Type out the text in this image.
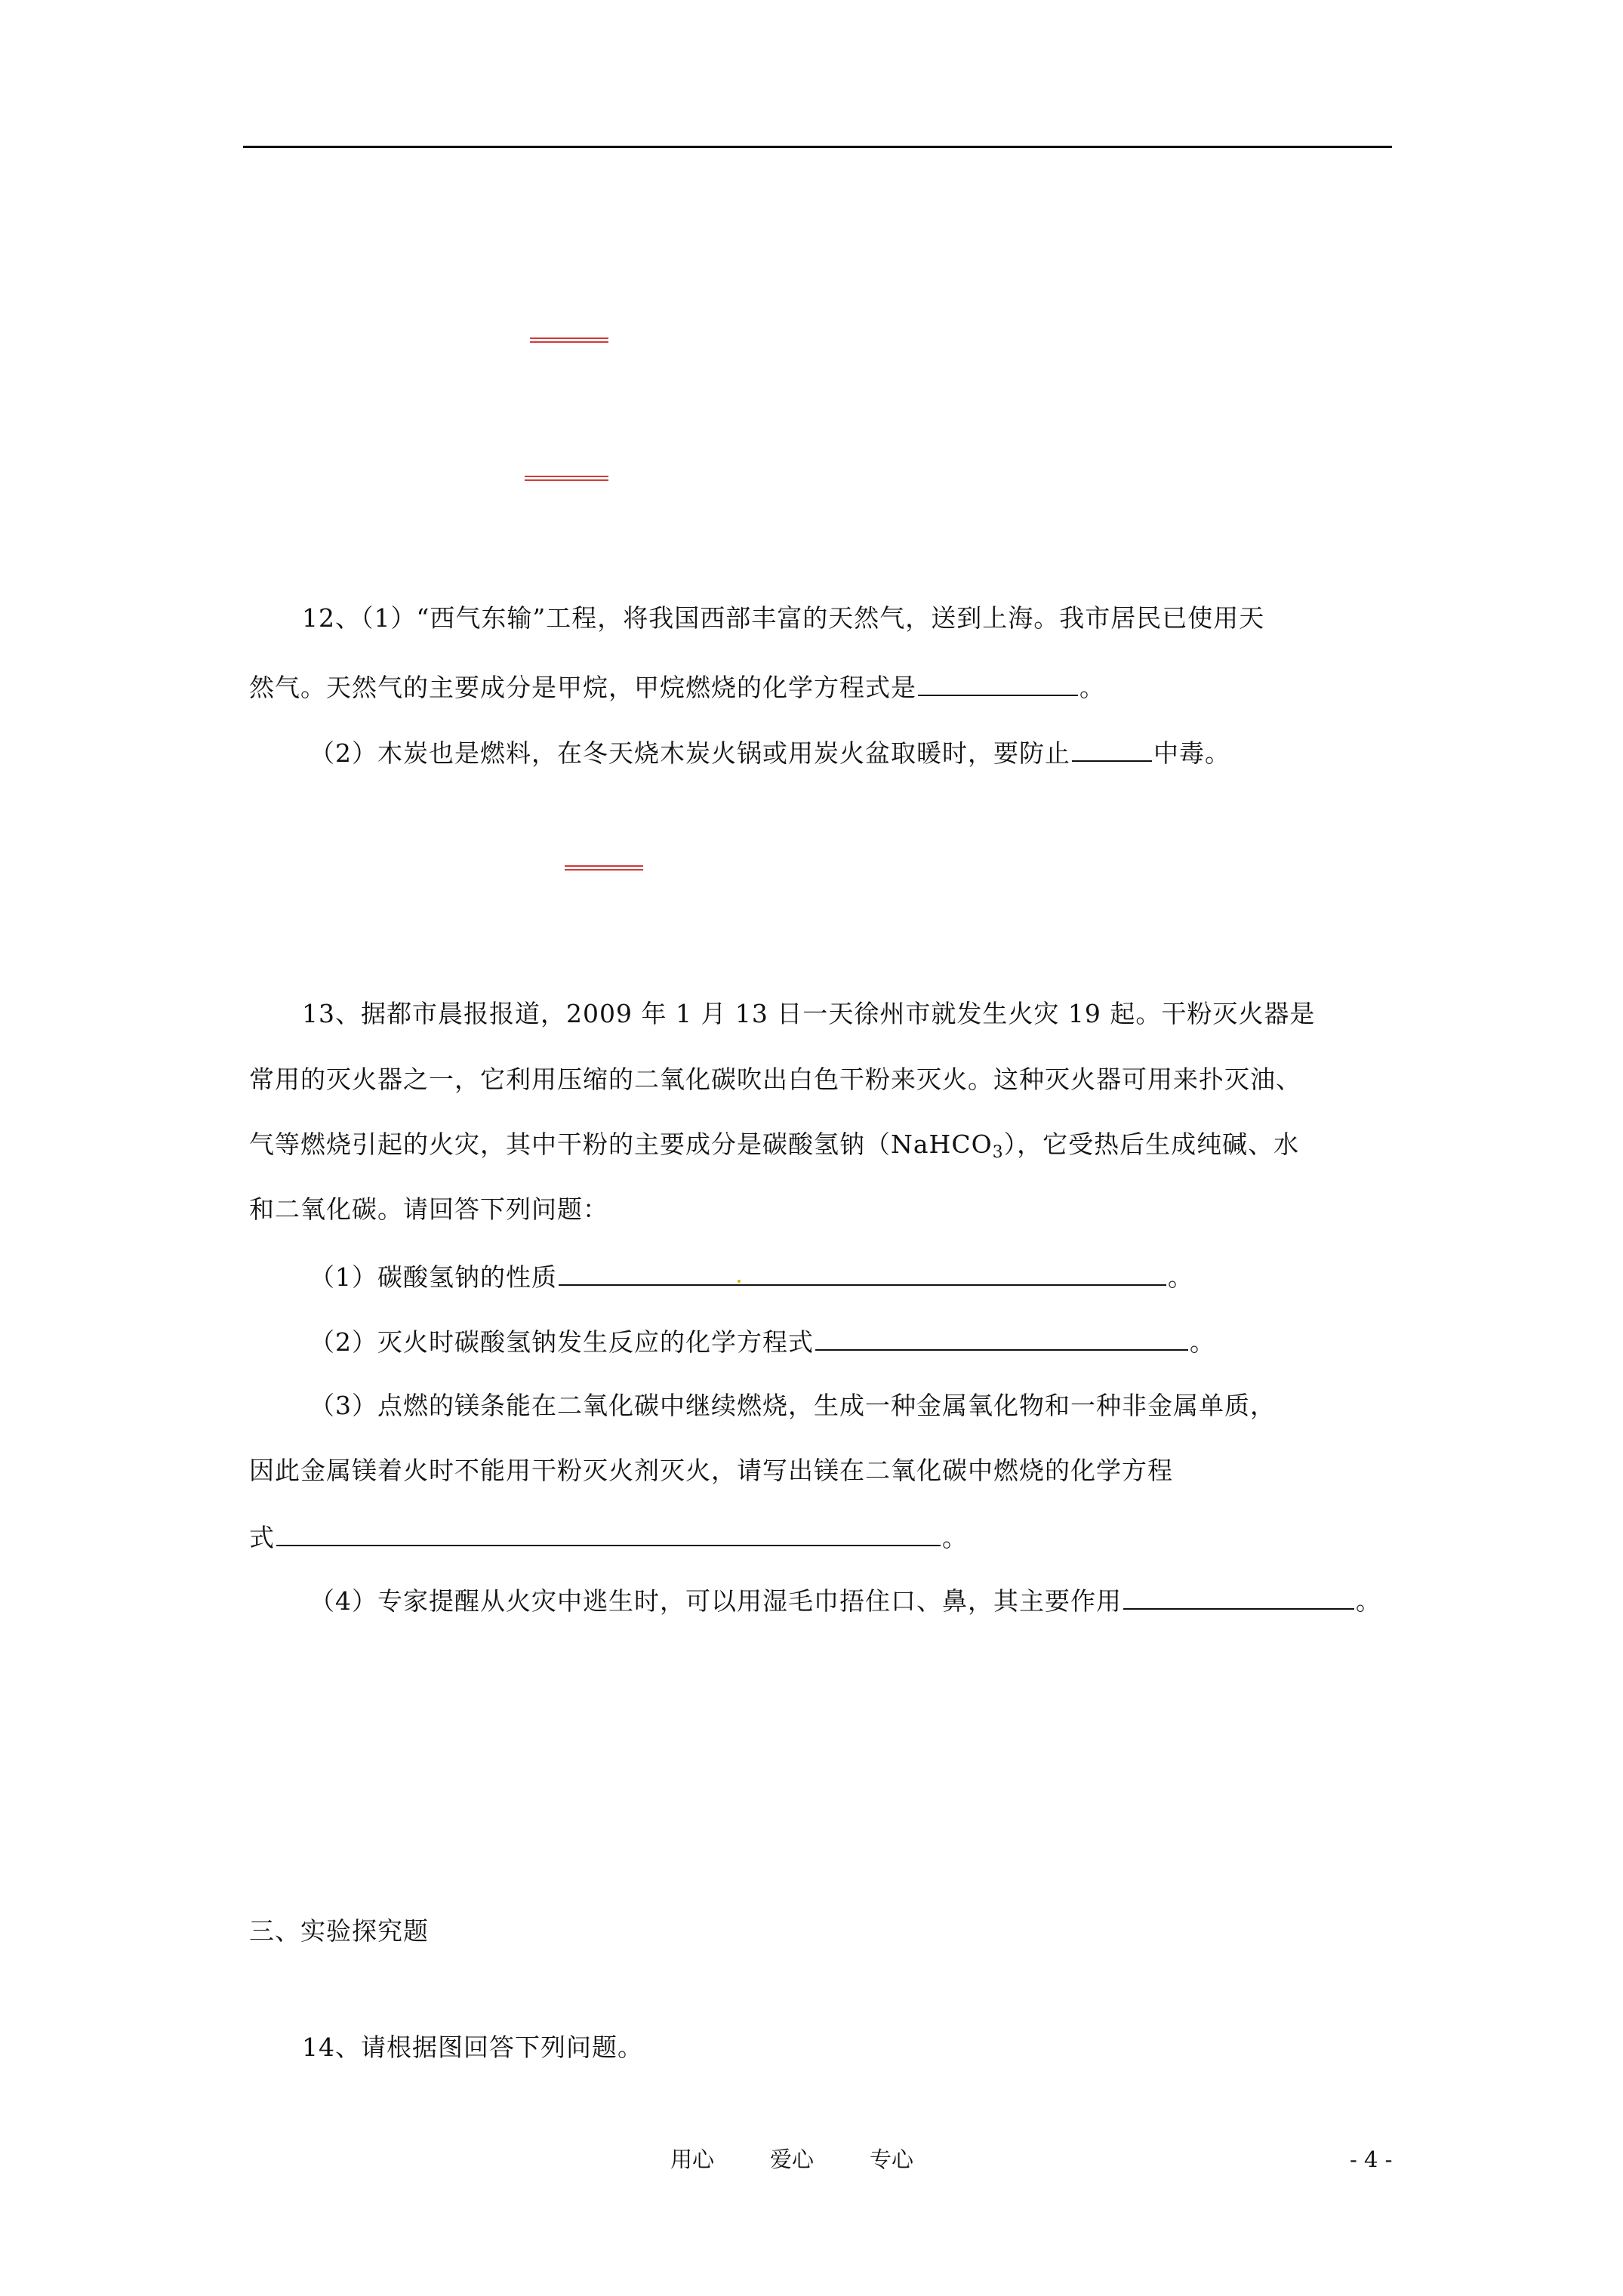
12、（1）“西气东输”工程，将我国西部丰富的天然气，送到上海。我市居民已使用天
然气。天然气的主要成分是甲烷，甲烷燃烧的化学方程式是	。
（2）木炭也是燃料，在冬天烧木炭火锅或用炭火盆取暖时，要防止	中毒。
13、据都市晨报报道，2009 年 1 月 13 日一天徐州市就发生火灾 19 起。干粉灭火器是
常用的灭火器之一，它利用压缩的二氧化碳吹出白色干粉来灭火。这种灭火器可用来扑灭油、
气等燃烧引起的火灾，其中干粉的主要成分是碳酸氢钠（NaHCO$_3$），它受热后生成纯碱、水
和二氧化碳。请回答下列问题：
（1）碳酸氢钠的性质	。
（2）灭火时碳酸氢钠发生反应的化学方程式	。
（3）点燃的镁条能在二氧化碳中继续燃烧，生成一种金属氧化物和一种非金属单质，
因此金属镁着火时不能用干粉灭火剂灭火，请写出镁在二氧化碳中燃烧的化学方程
式	。
（4）专家提醒从火灾中逃生时，可以用湿毛巾捂住口、鼻，其主要作用	。
三、实验探究题
14、请根据图回答下列问题。
用心	爱心	专心	- 4 -
